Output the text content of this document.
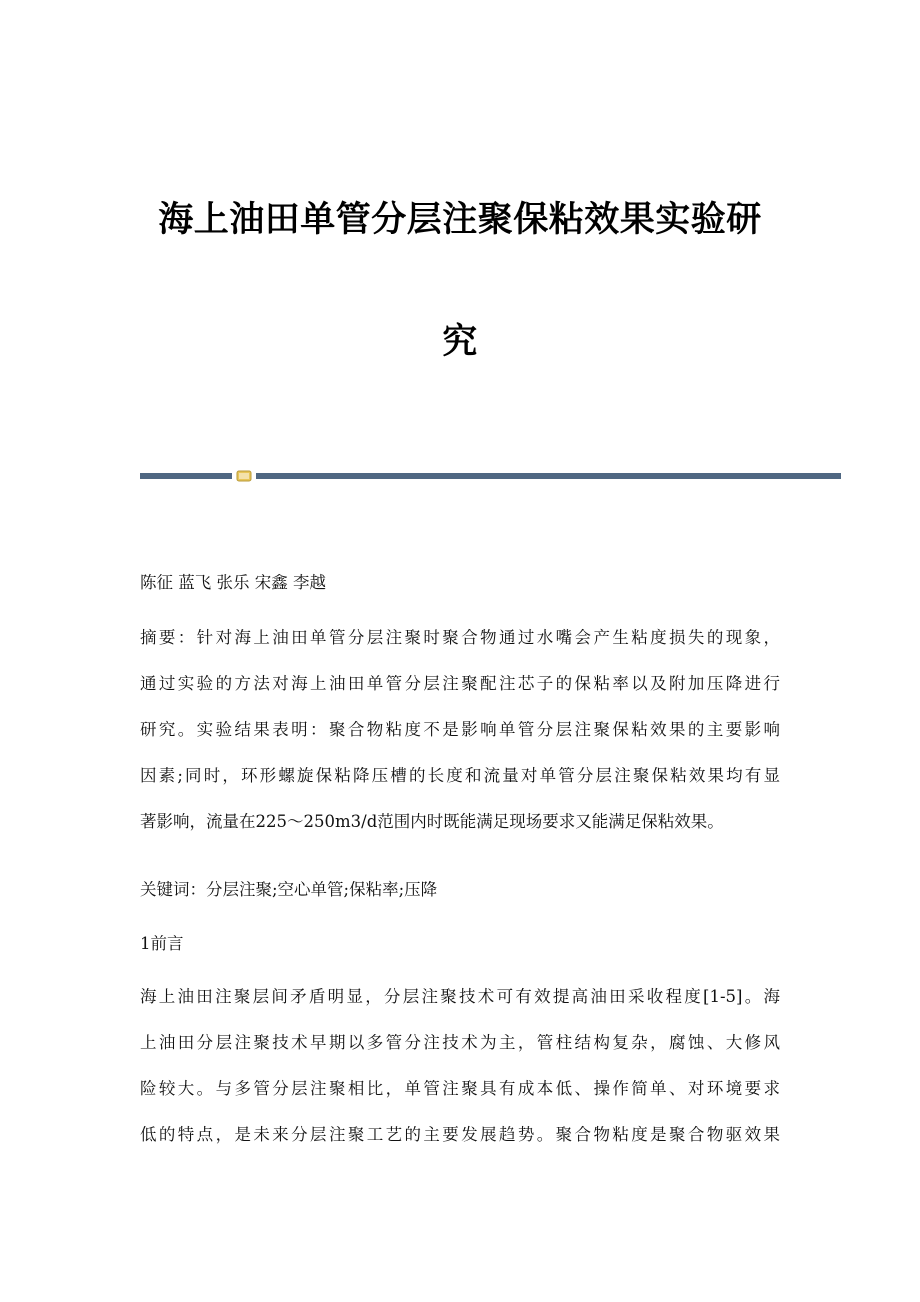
海上油田单管分层注聚保粘效果实验研
究
陈征 蓝飞 张乐 宋鑫 李越
摘要：针对海上油田单管分层注聚时聚合物通过水嘴会产生粘度损失的现象，
通过实验的方法对海上油田单管分层注聚配注芯子的保粘率以及附加压降进行
研究。实验结果表明：聚合物粘度不是影响单管分层注聚保粘效果的主要影响
因素;同时，环形螺旋保粘降压槽的长度和流量对单管分层注聚保粘效果均有显
著影响，流量在225～250m3/d范围内时既能满足现场要求又能满足保粘效果。
关键词：分层注聚;空心单管;保粘率;压降
1前言
海上油田注聚层间矛盾明显，分层注聚技术可有效提高油田采收程度[1-5]。海
上油田分层注聚技术早期以多管分注技术为主，管柱结构复杂，腐蚀、大修风
险较大。与多管分层注聚相比，单管注聚具有成本低、操作简单、对环境要求
低的特点，是未来分层注聚工艺的主要发展趋势。聚合物粘度是聚合物驱效果
